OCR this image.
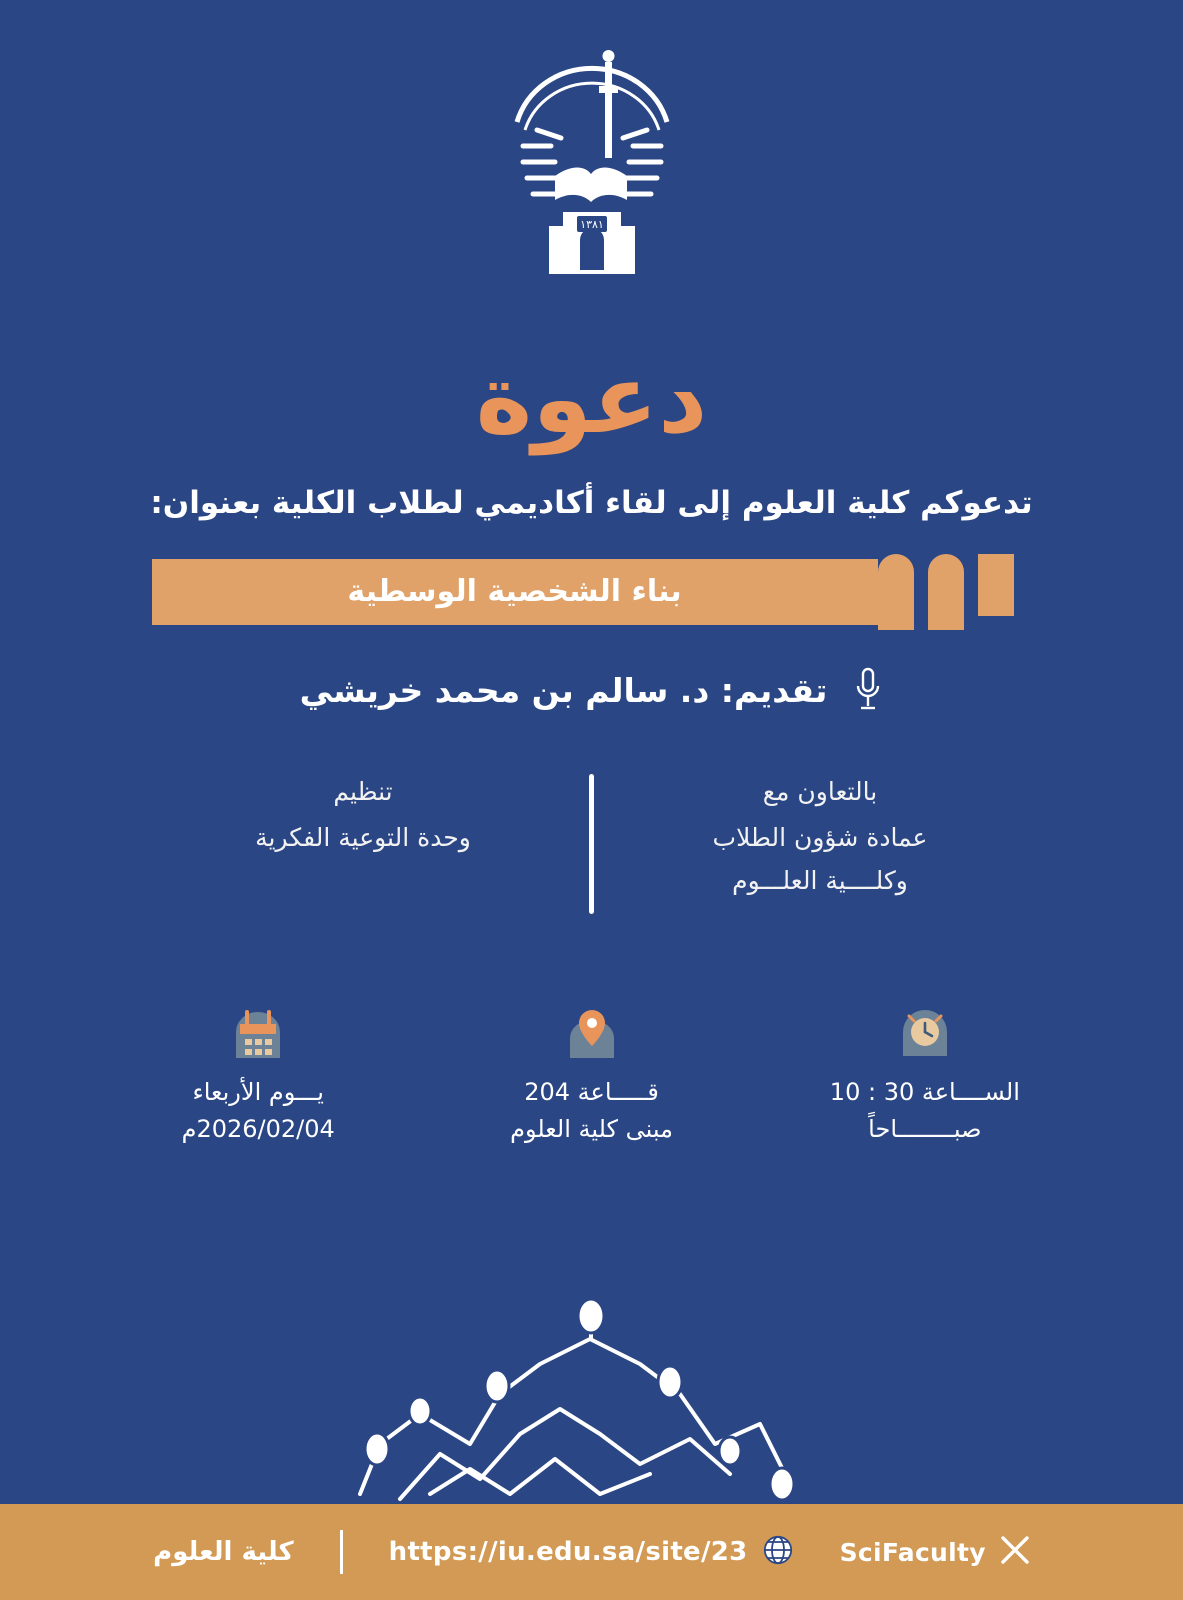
١٣٨١
دعوة
تدعوكم كلية العلوم إلى لقاء أكاديمي لطلاب الكلية بعنوان:
بناء الشخصية الوسطية
تقديم: د. سالم بن محمد خريشي
بالتعاون مع
عمادة شؤون الطلاب
وكلــــية العلـــوم
تنظيم
وحدة التوعية الفكرية
الســــاعة 30 : 10
صبــــــــاحاً
قـــــاعة 204
مبنى كلية العلوم
يـــوم الأربعاء
2026/02/04م
SciFaculty
https://iu.edu.sa/site/23
كلية العلوم
